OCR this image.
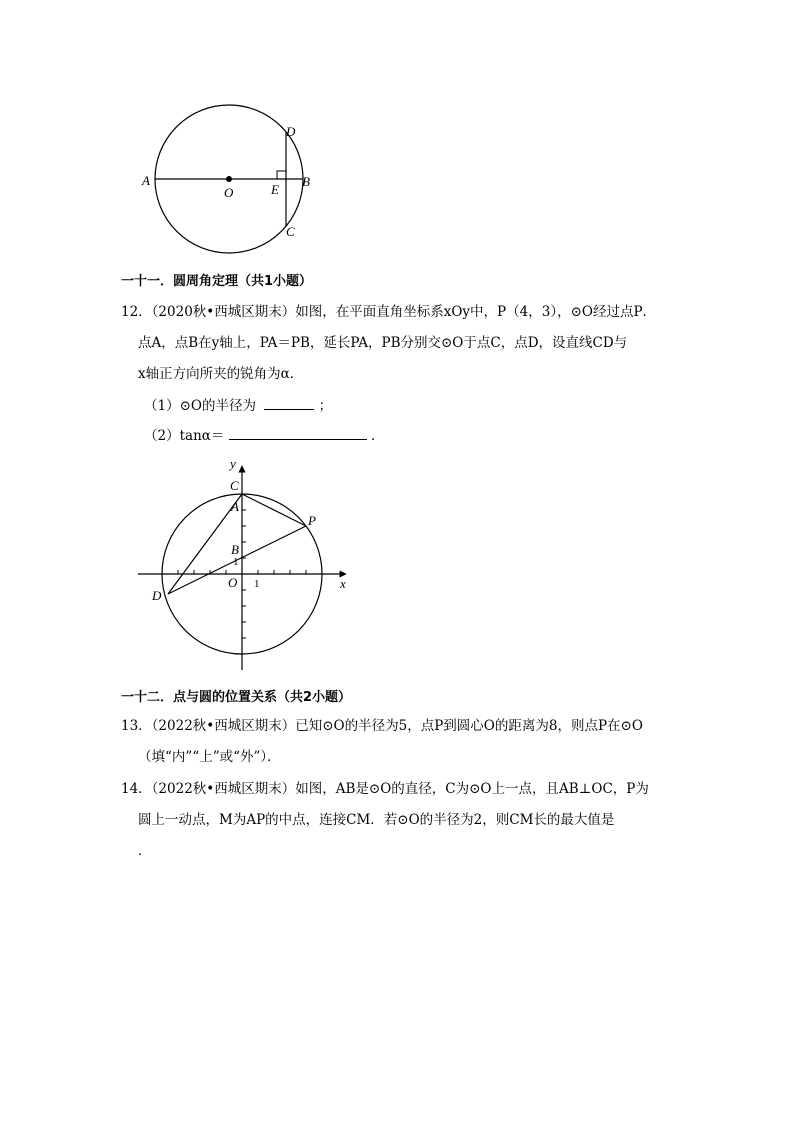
A
O	E
B
D
C
一十一．圆周角定理（共1小题）
12．（2020秋•西城区期末）如图，在平面直角坐标系xOy中，P（4，3），⊙O经过点P．
点A，点B在y轴上，PA＝PB，延长PA，PB分别交⊙O于点C，点D，设直线CD与
x轴正方向所夹的锐角为α．
（1）⊙O的半径为	；
（2）tanα＝	．
y
x
C
A
P
B
1
O 1
D
一十二．点与圆的位置关系（共2小题）
13．（2022秋•西城区期末）已知⊙O的半径为5，点P到圆心O的距离为8，则点P在⊙O
（填“内”“上”或“外”）．
14．（2022秋•西城区期末）如图，AB是⊙O的直径，C为⊙O上一点，且AB⊥OC，P为
圆上一动点，M为AP的中点，连接CM．若⊙O的半径为2，则CM长的最大值是
．
